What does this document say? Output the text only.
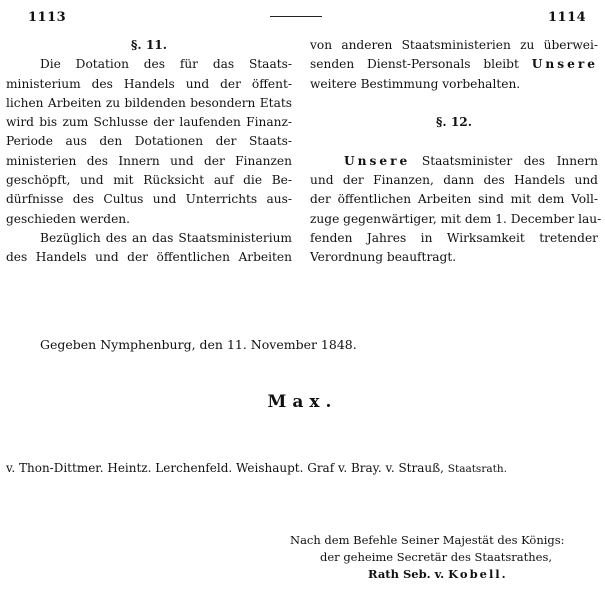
1113	1114
§. 11.
Die Dotation des für das Staats-
ministerium des Handels und der öffent-
lichen Arbeiten zu bildenden besondern Etats
wird bis zum Schlusse der laufenden Finanz-
Periode aus den Dotationen der Staats-
ministerien des Innern und der Finanzen
geschöpft, und mit Rücksicht auf die Be-
dürfnisse des Cultus und Unterrichts aus-
geschieden werden.
Bezüglich des an das Staatsministerium
des Handels und der öffentlichen Arbeiten
von anderen Staatsministerien zu überwei-
senden Dienst-Personals bleibt Unsere
weitere Bestimmung vorbehalten.
§. 12.
Unsere Staatsminister des Innern
und der Finanzen, dann des Handels und
der öffentlichen Arbeiten sind mit dem Voll-
zuge gegenwärtiger, mit dem 1. December lau-
fenden Jahres in Wirksamkeit tretender
Verordnung beauftragt.
Gegeben Nymphenburg, den 11. November 1848.
Max.
v. Thon-Dittmer. Heintz. Lerchenfeld. Weishaupt. Graf v. Bray. v. Strauß, Staatsrath.
Nach dem Befehle Seiner Majestät des Königs:
der geheime Secretär des Staatsrathes,
Rath Seb. v. Kobell.
